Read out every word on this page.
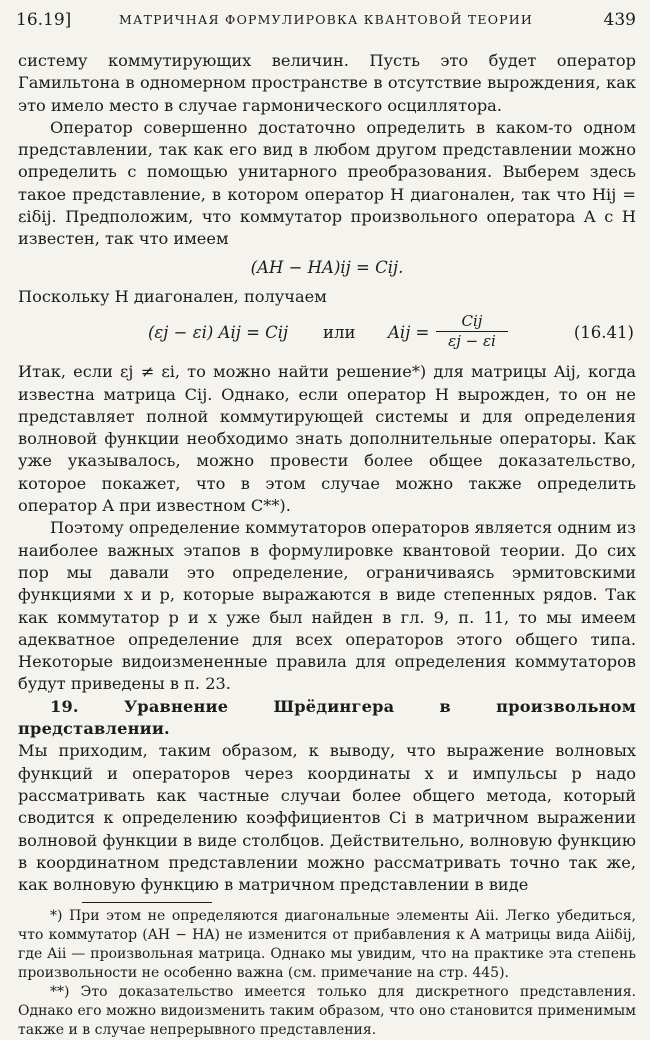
16.19]	МАТРИЧНАЯ ФОРМУЛИРОВКА КВАНТОВОЙ ТЕОРИИ	439

систему коммутирующих величин. Пусть это будет оператор Гамильтона в одномерном пространстве в отсутствие вырождения, как это имело место в случае гармонического осциллятора.

Оператор совершенно достаточно определить в каком-то одном представлении, так как его вид в любом другом представлении можно определить с помощью унитарного преобразования. Выберем здесь такое представление, в котором оператор H диагонален, так что Hij = εiδij. Предположим, что коммутатор произвольного оператора A с H известен, так что имеем

(AH − HA)ij = Cij.

Поскольку H диагонален, получаем

(εj − εi) Aij = Cij или Aij =
Cij
εj − εi	(16.41)

Итак, если εj ≠ εi, то можно найти решение*) для матрицы Aij, когда известна матрица Cij. Однако, если оператор H вырожден, то он не представляет полной коммутирующей системы и для определения волновой функции необходимо знать дополнительные операторы. Как уже указывалось, можно провести более общее доказательство, которое покажет, что в этом случае можно также определить оператор A при известном C**).

Поэтому определение коммутаторов операторов является одним из наиболее важных этапов в формулировке квантовой теории. До сих пор мы давали это определение, ограничиваясь эрмитовскими функциями x и p, которые выражаются в виде степенных рядов. Так как коммутатор p и x уже был найден в гл. 9, п. 11, то мы имеем адекватное определение для всех операторов этого общего типа. Некоторые видоизмененные правила для определения коммутаторов будут приведены в п. 23.

19. Уравнение Шрёдингера в произвольном представлении.

Мы приходим, таким образом, к выводу, что выражение волновых функций и операторов через координаты x и импульсы p надо рассматривать как частные случаи более общего метода, который сводится к определению коэффициентов Ci в матричном выражении волновой функции в виде столбцов. Действительно, волновую функцию в координатном представлении можно рассматривать точно так же, как волновую функцию в матричном представлении в виде

*) При этом не определяются диагональные элементы Aii. Легко убедиться, что коммутатор (AH − HA) не изменится от прибавления к A матрицы вида Aiiδij, где Aii — произвольная матрица. Однако мы увидим, что на практике эта степень произвольности не особенно важна (см. примечание на стр. 445).

**) Это доказательство имеется только для дискретного представления. Однако его можно видоизменить таким образом, что оно становится применимым также и в случае непрерывного представления.
